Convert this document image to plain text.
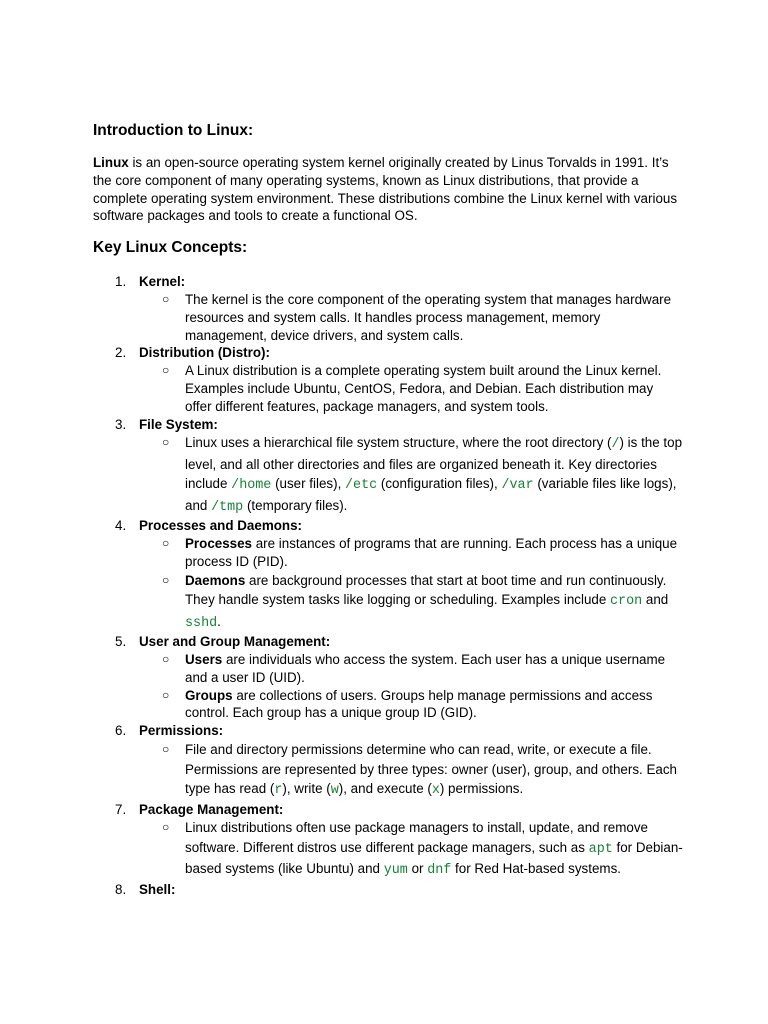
Introduction to Linux:

Linux is an open-source operating system kernel originally created by Linus Torvalds in 1991. It’s the core component of many operating systems, known as Linux distributions, that provide a complete operating system environment. These distributions combine the Linux kernel with various software packages and tools to create a functional OS.

Key Linux Concepts:
1. Kernel:
○ The kernel is the core component of the operating system that manages hardware resources and system calls. It handles process management, memory management, device drivers, and system calls.
2. Distribution (Distro):
○ A Linux distribution is a complete operating system built around the Linux kernel. Examples include Ubuntu, CentOS, Fedora, and Debian. Each distribution may offer different features, package managers, and system tools.
3. File System:
○ Linux uses a hierarchical file system structure, where the root directory (/) is the top level, and all other directories and files are organized beneath it. Key directories include /home (user files), /etc (configuration files), /var (variable files like logs), and /tmp (temporary files).
4. Processes and Daemons:
○ Processes are instances of programs that are running. Each process has a unique process ID (PID).
○ Daemons are background processes that start at boot time and run continuously. They handle system tasks like logging or scheduling. Examples include cron and sshd.
5. User and Group Management:
○ Users are individuals who access the system. Each user has a unique username and a user ID (UID).
○ Groups are collections of users. Groups help manage permissions and access control. Each group has a unique group ID (GID).
6. Permissions:
○ File and directory permissions determine who can read, write, or execute a file. Permissions are represented by three types: owner (user), group, and others. Each type has read (r), write (w), and execute (x) permissions.
7. Package Management:
○ Linux distributions often use package managers to install, update, and remove software. Different distros use different package managers, such as apt for Debian-based systems (like Ubuntu) and yum or dnf for Red Hat-based systems.
8. Shell:
